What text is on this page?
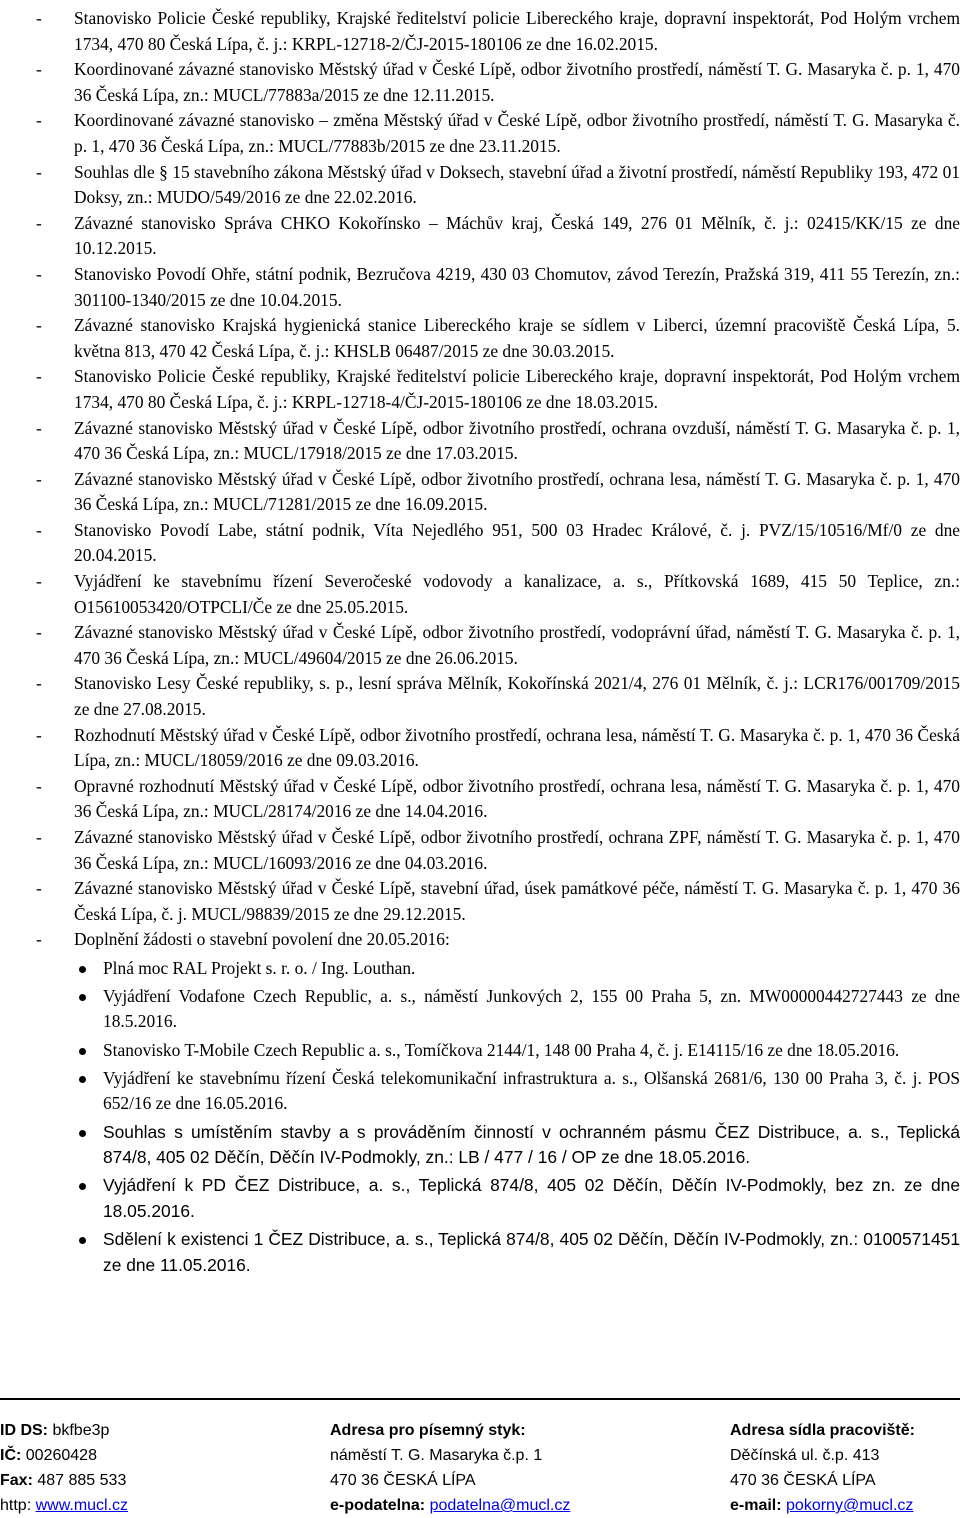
- Stanovisko Policie České republiky, Krajské ředitelství policie Libereckého kraje, dopravní inspektorát, Pod Holým vrchem 1734, 470 80 Česká Lípa, č. j.: KRPL-12718-2/ČJ-2015-180106 ze dne 16.02.2015.

- Koordinované závazné stanovisko Městský úřad v České Lípě, odbor životního prostředí, náměstí T. G. Masaryka č. p. 1, 470 36 Česká Lípa, zn.: MUCL/77883a/2015 ze dne 12.11.2015.

- Koordinované závazné stanovisko – změna Městský úřad v České Lípě, odbor životního prostředí, náměstí T. G. Masaryka č. p. 1, 470 36 Česká Lípa, zn.: MUCL/77883b/2015 ze dne 23.11.2015.

- Souhlas dle § 15 stavebního zákona Městský úřad v Doksech, stavební úřad a životní prostředí, náměstí Republiky 193, 472 01 Doksy, zn.: MUDO/549/2016 ze dne 22.02.2016.

- Závazné stanovisko Správa CHKO Kokořínsko – Máchův kraj, Česká 149, 276 01 Mělník, č. j.: 02415/KK/15 ze dne 10.12.2015.

- Stanovisko Povodí Ohře, státní podnik, Bezručova 4219, 430 03 Chomutov, závod Terezín, Pražská 319, 411 55 Terezín, zn.: 301100-1340/2015 ze dne 10.04.2015.

- Závazné stanovisko Krajská hygienická stanice Libereckého kraje se sídlem v Liberci, územní pracoviště Česká Lípa, 5. května 813, 470 42 Česká Lípa, č. j.: KHSLB 06487/2015 ze dne 30.03.2015.

- Stanovisko Policie České republiky, Krajské ředitelství policie Libereckého kraje, dopravní inspektorát, Pod Holým vrchem 1734, 470 80 Česká Lípa, č. j.: KRPL-12718-4/ČJ-2015-180106 ze dne 18.03.2015.

- Závazné stanovisko Městský úřad v České Lípě, odbor životního prostředí, ochrana ovzduší, náměstí T. G. Masaryka č. p. 1, 470 36 Česká Lípa, zn.: MUCL/17918/2015 ze dne 17.03.2015.

- Závazné stanovisko Městský úřad v České Lípě, odbor životního prostředí, ochrana lesa, náměstí T. G. Masaryka č. p. 1, 470 36 Česká Lípa, zn.: MUCL/71281/2015 ze dne 16.09.2015.

- Stanovisko Povodí Labe, státní podnik, Víta Nejedlého 951, 500 03 Hradec Králové, č. j. PVZ/15/10516/Mf/0 ze dne 20.04.2015.

- Vyjádření ke stavebnímu řízení Severočeské vodovody a kanalizace, a. s., Přítkovská 1689, 415 50 Teplice, zn.: O15610053420/OTPCLI/Če ze dne 25.05.2015.

- Závazné stanovisko Městský úřad v České Lípě, odbor životního prostředí, vodoprávní úřad, náměstí T. G. Masaryka č. p. 1, 470 36 Česká Lípa, zn.: MUCL/49604/2015 ze dne 26.06.2015.

- Stanovisko Lesy České republiky, s. p., lesní správa Mělník, Kokořínská 2021/4, 276 01 Mělník, č. j.: LCR176/001709/2015 ze dne 27.08.2015.

- Rozhodnutí Městský úřad v České Lípě, odbor životního prostředí, ochrana lesa, náměstí T. G. Masaryka č. p. 1, 470 36 Česká Lípa, zn.: MUCL/18059/2016 ze dne 09.03.2016.

- Opravné rozhodnutí Městský úřad v České Lípě, odbor životního prostředí, ochrana lesa, náměstí T. G. Masaryka č. p. 1, 470 36 Česká Lípa, zn.: MUCL/28174/2016 ze dne 14.04.2016.

- Závazné stanovisko Městský úřad v České Lípě, odbor životního prostředí, ochrana ZPF, náměstí T. G. Masaryka č. p. 1, 470 36 Česká Lípa, zn.: MUCL/16093/2016 ze dne 04.03.2016.

- Závazné stanovisko Městský úřad v České Lípě, stavební úřad, úsek památkové péče, náměstí T. G. Masaryka č. p. 1, 470 36 Česká Lípa, č. j. MUCL/98839/2015 ze dne 29.12.2015.

- Doplnění žádosti o stavební povolení dne 20.05.2016:

Plná moc RAL Projekt s. r. o. / Ing. Louthan.
Vyjádření Vodafone Czech Republic, a. s., náměstí Junkových 2, 155 00 Praha 5, zn. MW00000442727443 ze dne 18.5.2016.
Stanovisko T-Mobile Czech Republic a. s., Tomíčkova 2144/1, 148 00 Praha 4, č. j. E14115/16 ze dne 18.05.2016.
Vyjádření ke stavebnímu řízení Česká telekomunikační infrastruktura a. s., Olšanská 2681/6, 130 00 Praha 3, č. j. POS 652/16 ze dne 16.05.2016.
Souhlas s umístěním stavby a s prováděním činností v ochranném pásmu ČEZ Distribuce, a. s., Teplická 874/8, 405 02 Děčín, Děčín IV-Podmokly, zn.: LB / 477 / 16 / OP ze dne 18.05.2016.
Vyjádření k PD ČEZ Distribuce, a. s., Teplická 874/8, 405 02 Děčín, Děčín IV-Podmokly, bez zn. ze dne 18.05.2016.
Sdělení k existenci 1 ČEZ Distribuce, a. s., Teplická 874/8, 405 02 Děčín, Děčín IV-Podmokly, zn.: 0100571451 ze dne 11.05.2016.
ID DS: bkfbe3p
IČ: 00260428
Fax: 487 885 533
http: www.mucl.cz
Adresa pro písemný styk:
náměstí T. G. Masaryka č.p. 1
470 36 ČESKÁ LÍPA
e-podatelna: podatelna@mucl.cz
Adresa sídla pracoviště:
Děčínská ul. č.p. 413
470 36 ČESKÁ LÍPA
e-mail: pokorny@mucl.cz
